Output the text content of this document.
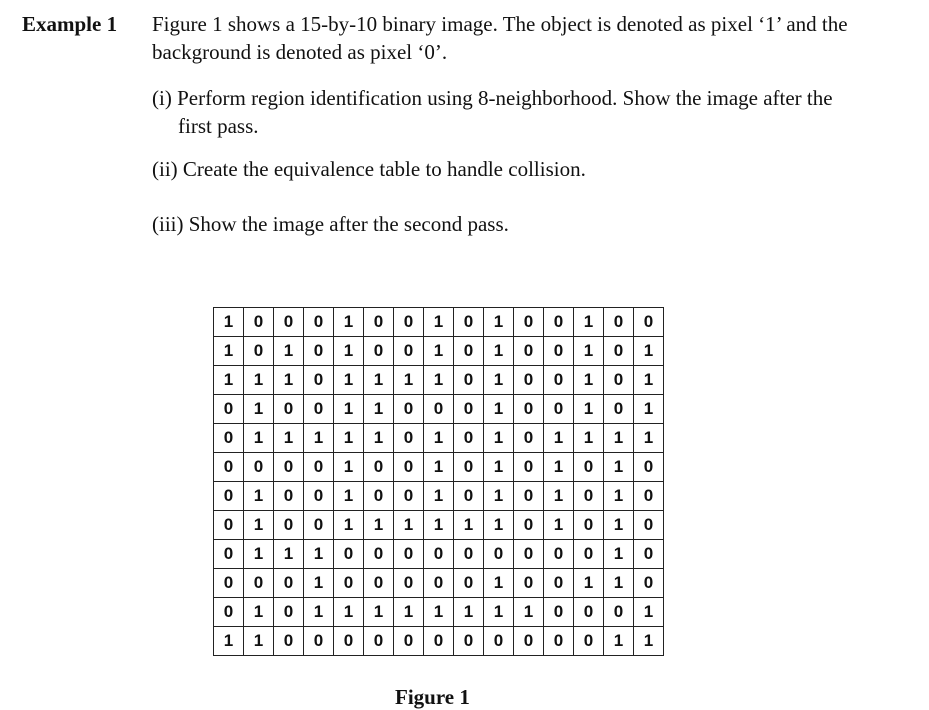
Example 1 Figure 1 shows a 15-by-10 binary image. The object is denoted as pixel ‘1’ and the background is denoted as pixel ‘0’.
(i) Perform region identification using 8-neighborhood. Show the image after the
first pass.
(ii) Create the equivalence table to handle collision.
(iii) Show the image after the second pass.
1	0	0	0	1	0	0	1	0	1	0	0	1	0	0
1	0	1	0	1	0	0	1	0	1	0	0	1	0	1
1	1	1	0	1	1	1	1	0	1	0	0	1	0	1
0	1	0	0	1	1	0	0	0	1	0	0	1	0	1
0	1	1	1	1	1	0	1	0	1	0	1	1	1	1
0	0	0	0	1	0	0	1	0	1	0	1	0	1	0
0	1	0	0	1	0	0	1	0	1	0	1	0	1	0
0	1	0	0	1	1	1	1	1	1	0	1	0	1	0
0	1	1	1	0	0	0	0	0	0	0	0	0	1	0
0	0	0	1	0	0	0	0	0	1	0	0	1	1	0
0	1	0	1	1	1	1	1	1	1	1	0	0	0	1
1	1	0	0	0	0	0	0	0	0	0	0	0	1	1
Figure 1
